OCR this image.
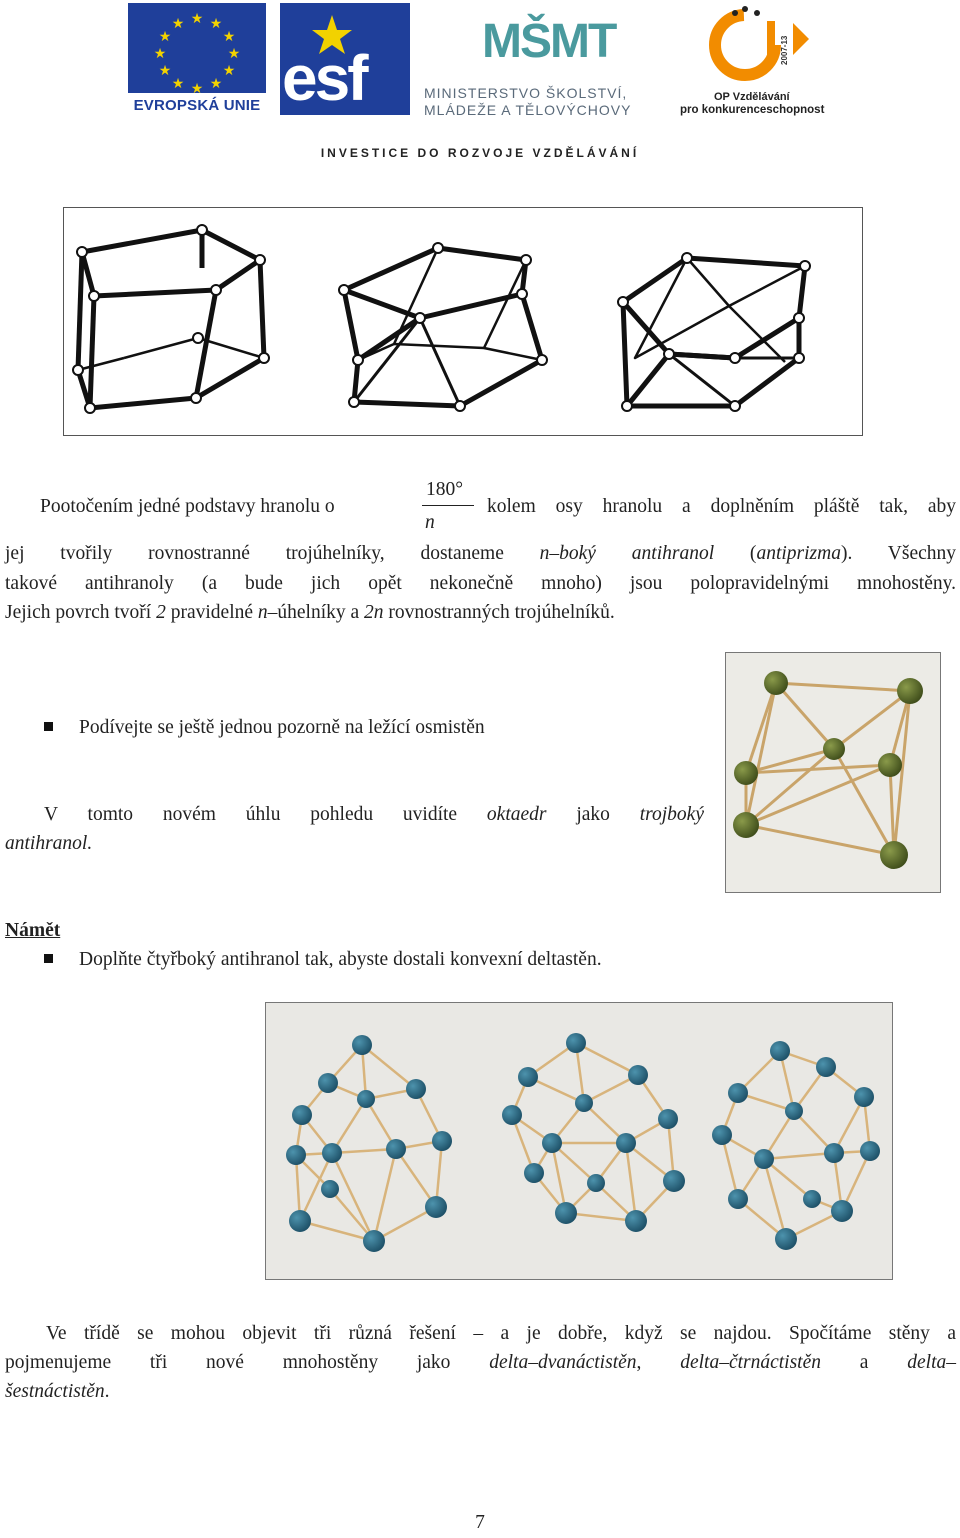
★ ★
★
★
★
★
★
★
★
★
★
★
EVROPSKÁ UNIE esf
MŠMT
MINISTERSTVO ŠKOLSTVÍ,
MLÁDEŽE A TĚLOVÝCHOVY
2007-13
OP Vzdělávání
pro konkurenceschopnost
INVESTICE DO ROZVOJE VZDĚLÁVÁNÍ
Pootočením jedné podstavy hranolu o
180°
n
kolem osy hranolu a doplněním pláště tak, aby
jej tvořily rovnostranné trojúhelníky, dostaneme n–boký antihranol (antiprizma). Všechny
takové antihranoly (a bude jich opět nekonečně mnoho) jsou polopravidelnými mnohostěny.
Jejich povrch tvoří 2 pravidelné n–úhelníky a 2n rovnostranných trojúhelníků.
Podívejte se ještě jednou pozorně na ležící osmistěn
V tomto novém úhlu pohledu uvidíte oktaedr jako trojboký
antihranol.
Námět
Doplňte čtyřboký antihranol tak, abyste dostali konvexní deltastěn.
Ve třídě se mohou objevit tři různá řešení – a je dobře, když se najdou. Spočítáme stěny a
pojmenujeme tři nové mnohostěny jako delta–dvanáctistěn, delta–čtrnáctistěn a delta–
šestnáctistěn.
7
